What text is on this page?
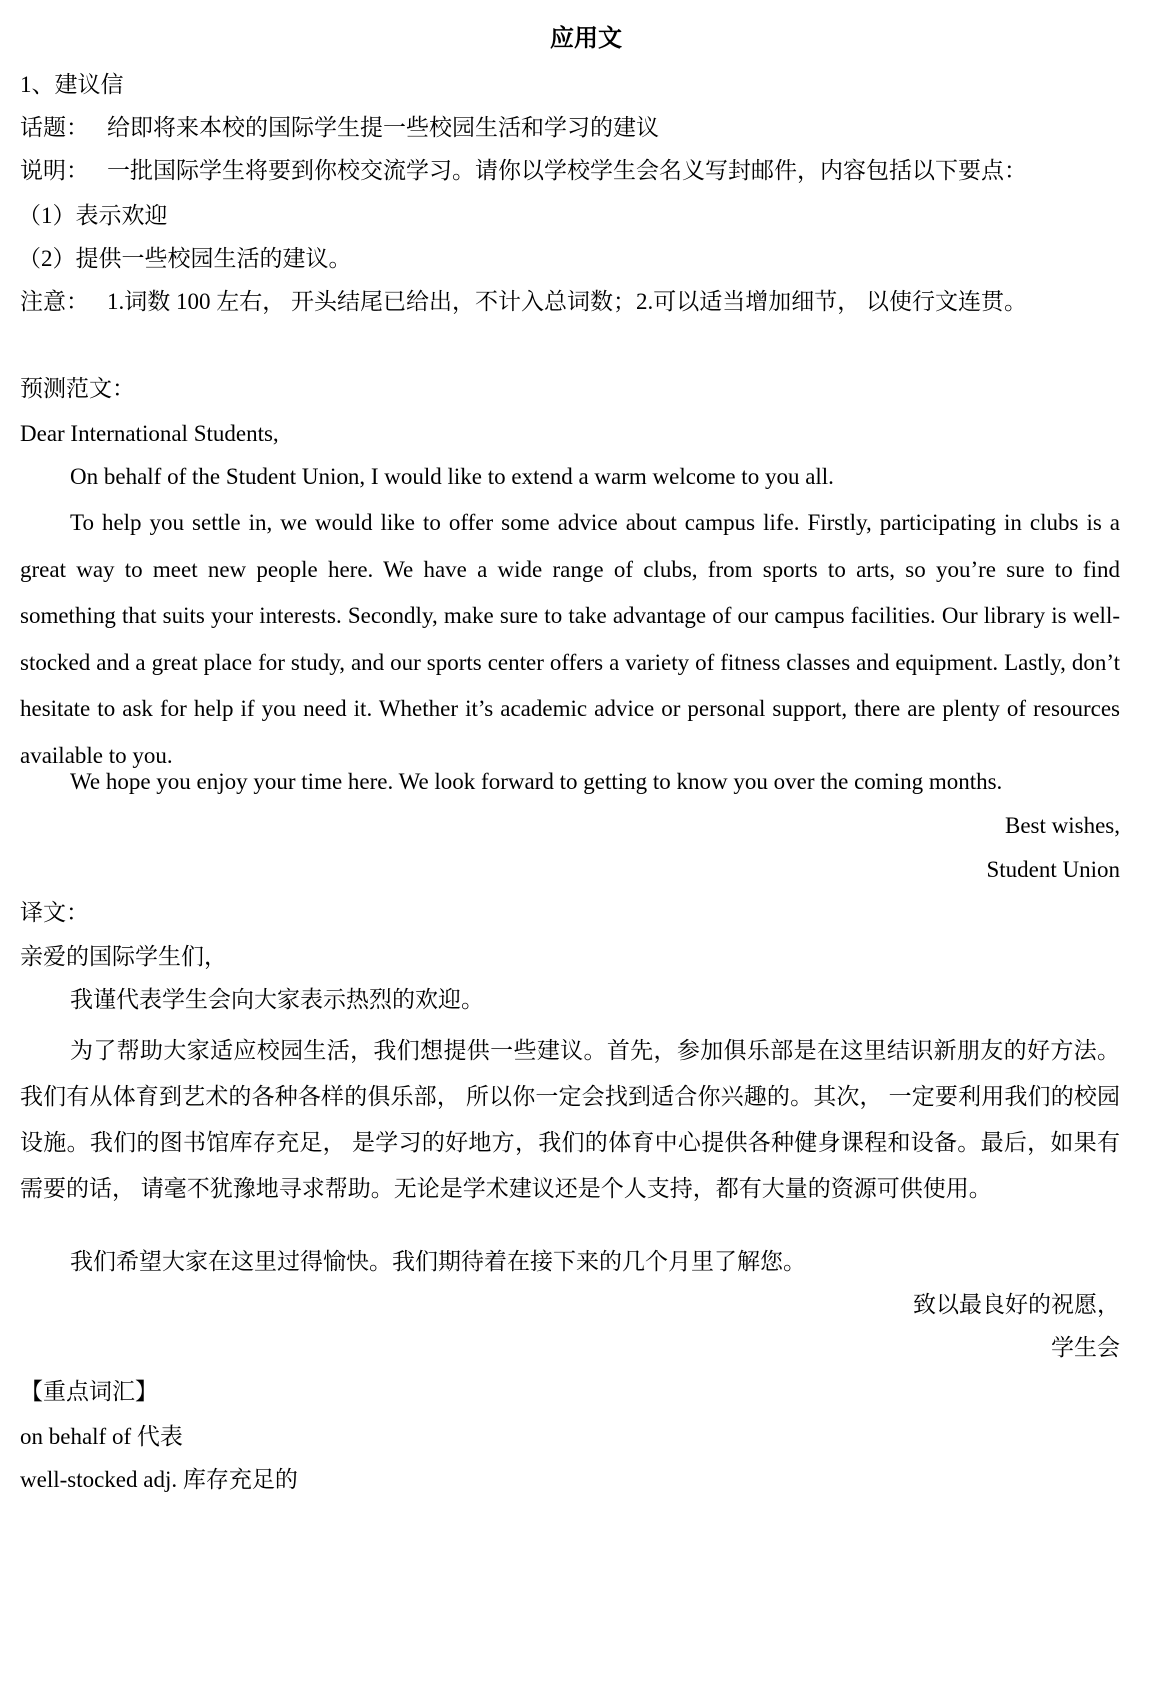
应用文
1、建议信
话题： 给即将来本校的国际学生提一些校园生活和学习的建议
说明： 一批国际学生将要到你校交流学习。请你以学校学生会名义写封邮件，内容包括以下要点：
（1）表示欢迎
（2）提供一些校园生活的建议。
注意： 1.词数 100 左右， 开头结尾已给出，不计入总词数；2.可以适当增加细节， 以使行文连贯。
预测范文：
Dear International Students,
On behalf of the Student Union, I would like to extend a warm welcome to you all.
To help you settle in, we would like to offer some advice about campus life. Firstly, participating in clubs is a great way to meet new people here. We have a wide range of clubs, from sports to arts, so you’re sure to find something that suits your interests. Secondly, make sure to take advantage of our campus facilities. Our library is well-stocked and a great place for study, and our sports center offers a variety of fitness classes and equipment. Lastly, don’t hesitate to ask for help if you need it. Whether it’s academic advice or personal support, there are plenty of resources available to you.
We hope you enjoy your time here. We look forward to getting to know you over the coming months.
Best wishes,
Student Union
译文：
亲爱的国际学生们，
我谨代表学生会向大家表示热烈的欢迎。
为了帮助大家适应校园生活，我们想提供一些建议。首先，参加俱乐部是在这里结识新朋友的好方法。我们有从体育到艺术的各种各样的俱乐部， 所以你一定会找到适合你兴趣的。其次， 一定要利用我们的校园设施。我们的图书馆库存充足， 是学习的好地方，我们的体育中心提供各种健身课程和设备。最后，如果有需要的话， 请毫不犹豫地寻求帮助。无论是学术建议还是个人支持，都有大量的资源可供使用。
我们希望大家在这里过得愉快。我们期待着在接下来的几个月里了解您。
致以最良好的祝愿，
学生会
【重点词汇】
on behalf of 代表
well-stocked adj. 库存充足的
